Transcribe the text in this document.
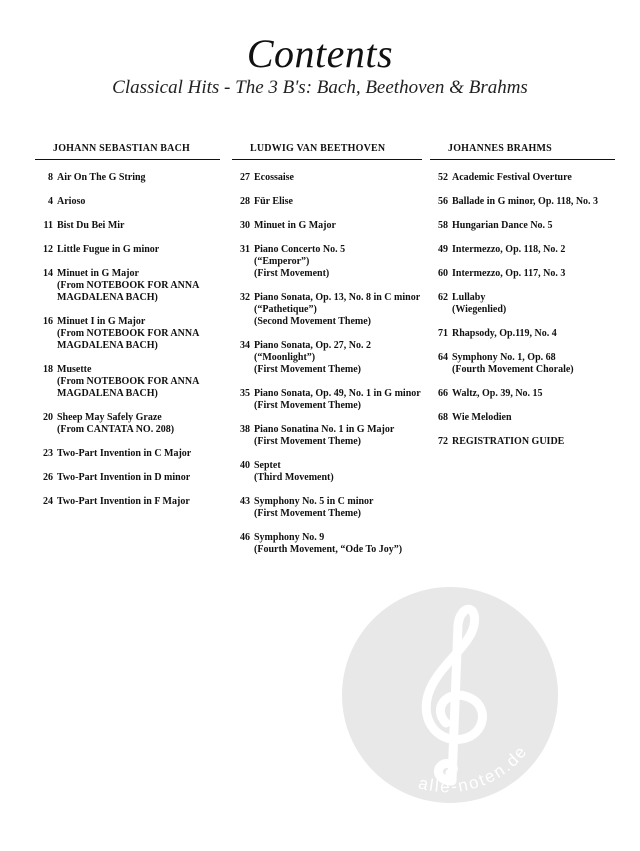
Contents
Classical Hits - The 3 B's: Bach, Beethoven & Brahms
JOHANN SEBASTIAN BACH
8 Air On The G String
4 Arioso
11 Bist Du Bei Mir
12 Little Fugue in G minor
14 Minuet in G Major
(From NOTEBOOK FOR ANNA
MAGDALENA BACH)
16 Minuet I in G Major
(From NOTEBOOK FOR ANNA
MAGDALENA BACH)
18 Musette
(From NOTEBOOK FOR ANNA
MAGDALENA BACH)
20 Sheep May Safely Graze
(From CANTATA NO. 208)
23 Two-Part Invention in C Major
26 Two-Part Invention in D minor
24 Two-Part Invention in F Major
LUDWIG VAN BEETHOVEN
27 Ecossaise
28 Für Elise
30 Minuet in G Major
31 Piano Concerto No. 5
(“Emperor”)
(First Movement)
32 Piano Sonata, Op. 13, No. 8 in C minor
(“Pathetique”)
(Second Movement Theme)
34 Piano Sonata, Op. 27, No. 2
(“Moonlight”)
(First Movement Theme)
35 Piano Sonata, Op. 49, No. 1 in G minor
(First Movement Theme)
38 Piano Sonatina No. 1 in G Major
(First Movement Theme)
40 Septet
(Third Movement)
43 Symphony No. 5 in C minor
(First Movement Theme)
46 Symphony No. 9
(Fourth Movement, “Ode To Joy”)
JOHANNES BRAHMS
52 Academic Festival Overture
56 Ballade in G minor, Op. 118, No. 3
58 Hungarian Dance No. 5
49 Intermezzo, Op. 118, No. 2
60 Intermezzo, Op. 117, No. 3
62 Lullaby
(Wiegenlied)
71 Rhapsody, Op.119, No. 4
64 Symphony No. 1, Op. 68
(Fourth Movement Chorale)
66 Waltz, Op. 39, No. 15
68 Wie Melodien
72 REGISTRATION GUIDE
alle-noten.de
